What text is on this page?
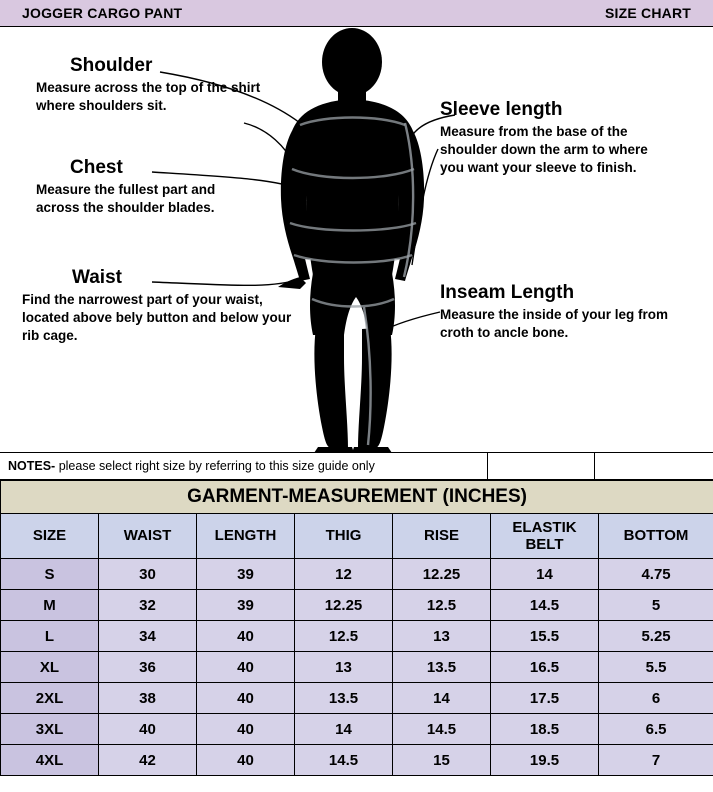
JOGGER CARGO PANT	SIZE CHART
Shoulder
Measure across the top of the shirt where shoulders sit.
Chest
Measure the fullest part and across the shoulder blades.
Waist
Find the narrowest part of your waist, located above bely button and below your rib cage.
Sleeve length
Measure from the base of the shoulder down the arm to where you want your sleeve to finish.
Inseam Length
Measure the inside of your leg from croth to ancle bone.
NOTES- please select right size by referring to this size guide only
GARMENT-MEASUREMENT (INCHES)						
SIZE	WAIST	LENGTH	THIG	RISE	ELASTIK BELT	BOTTOM
S	30	39	12	12.25	14	4.75
M	32	39	12.25	12.5	14.5	5
L	34	40	12.5	13	15.5	5.25
XL	36	40	13	13.5	16.5	5.5
2XL	38	40	13.5	14	17.5	6
3XL	40	40	14	14.5	18.5	6.5
4XL	42	40	14.5	15	19.5	7
